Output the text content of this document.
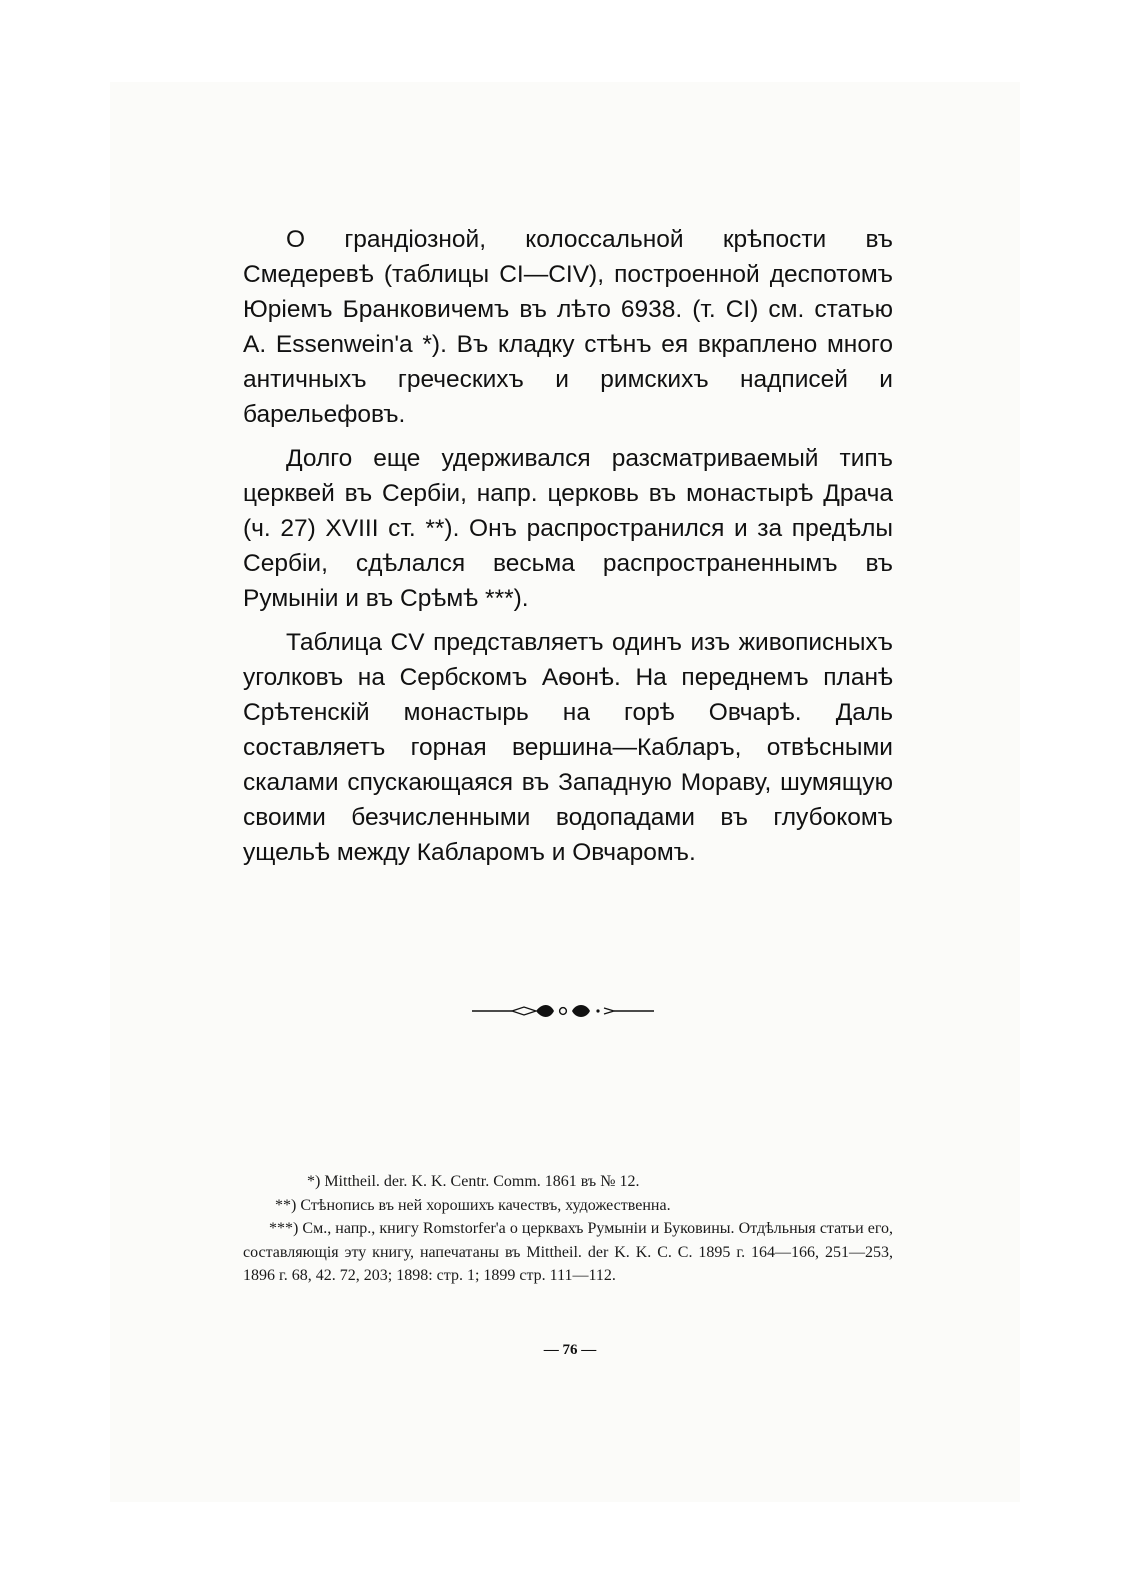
О грандіозной, колоссальной крѣпости въ Смедеревѣ (таблицы СІ—CIV), построенной деспотомъ Юріемъ Бранковичемъ въ лѣто 6938. (т. СІ) см. статью А. Essenwein'a *). Въ кладку стѣнъ ея вкраплено много античныхъ греческихъ и римскихъ надписей и барельефовъ.

Долго еще удерживался разсматриваемый типъ церквей въ Сербіи, напр. церковь въ монастырѣ Драча (ч. 27) XVIII ст. **). Онъ распространился и за предѣлы Сербіи, сдѣлался весьма распространеннымъ въ Румыніи и въ Срѣмѣ ***).

Таблица CV представляетъ одинъ изъ живописныхъ уголковъ на Сербскомъ Аѳонѣ. На переднемъ планѣ Срѣтенскій монастырь на горѣ Овчарѣ. Даль составляетъ горная вершина—Кабларъ, отвѣсными скалами спускающаяся въ Западную Мораву, шумящую своими безчисленными водопадами въ глубокомъ ущельѣ между Кабларомъ и Овчаромъ.

*) Mittheil. der. K. K. Centr. Comm. 1861 въ № 12.

**) Стѣнопись въ ней хорошихъ качествъ, художественна.

***) См., напр., книгу Romstorfer'a о церквахъ Румыніи и Буковины. Отдѣльныя статьи его, составляющія эту книгу, напечатаны въ Mittheil. der K. K. C. C. 1895 г. 164—166, 251—253, 1896 г. 68, 42. 72, 203; 1898: стр. 1; 1899 стр. 111—112.

— 76 —
